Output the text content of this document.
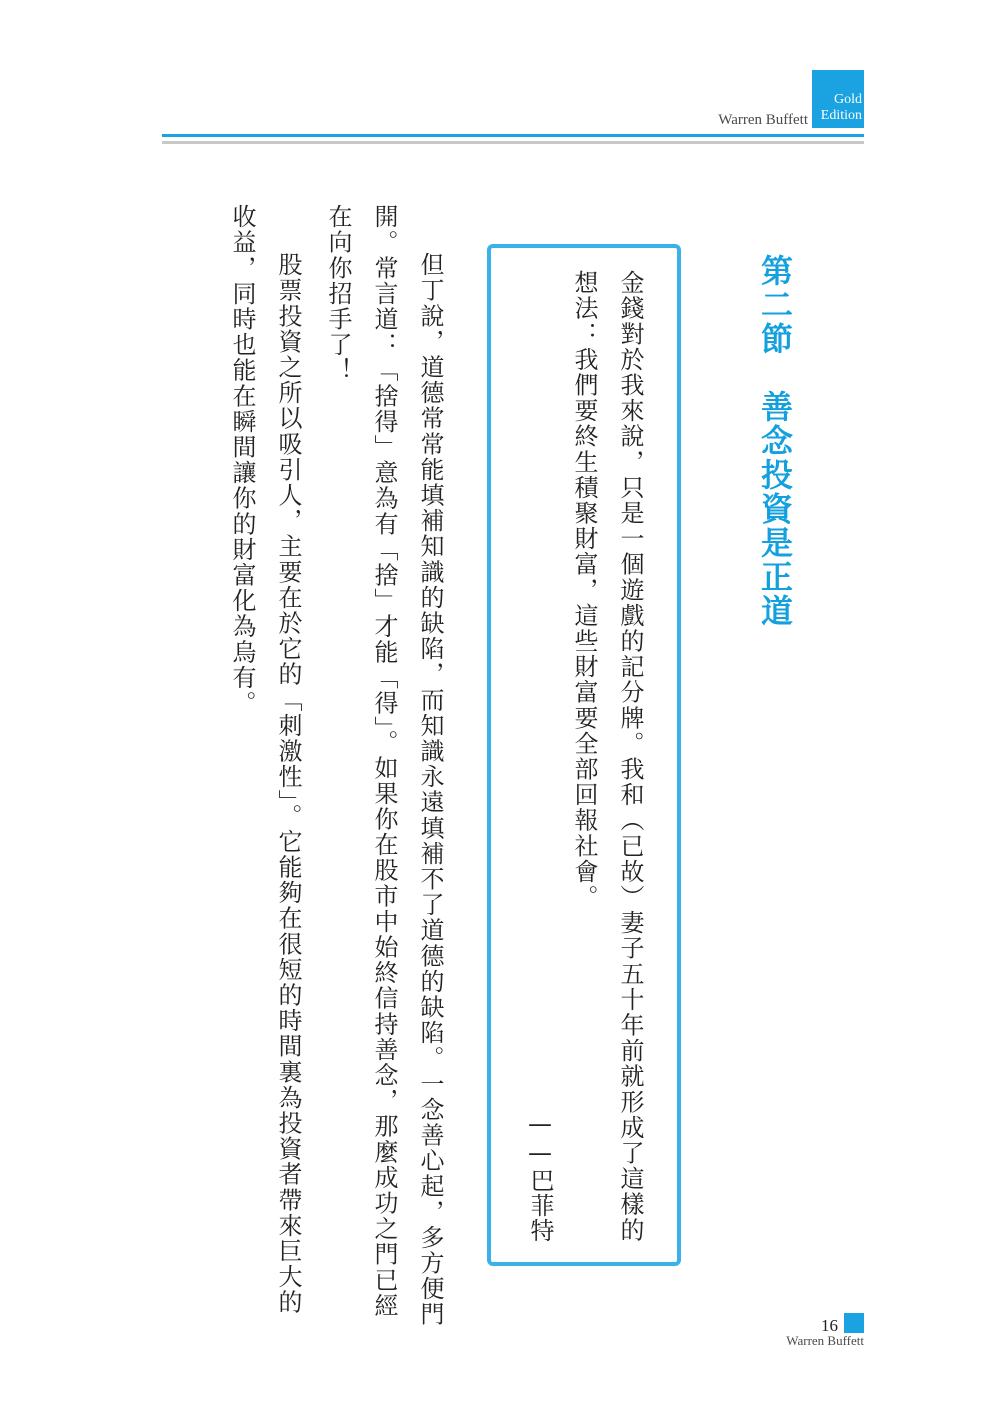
Warren Buffett
Gold
Edition
第二節　善念投資是正道
金錢對於我來說，只是一個遊戲的記分牌。我和（已故）妻子五十年前就形成了這樣的
想法：我們要終生積聚財富，這些財富要全部回報社會。
——巴菲特
但丁說，道德常常能填補知識的缺陷，而知識永遠填補不了道德的缺陷。一念善心起，多方便門
開。常言道：「捨得」意為有「捨」才能「得」。如果你在股市中始終信持善念，那麼成功之門已經
在向你招手了！
股票投資之所以吸引人，主要在於它的「刺激性」。它能夠在很短的時間裏為投資者帶來巨大的
收益，同時也能在瞬間讓你的財富化為烏有。
16
Warren Buffett
